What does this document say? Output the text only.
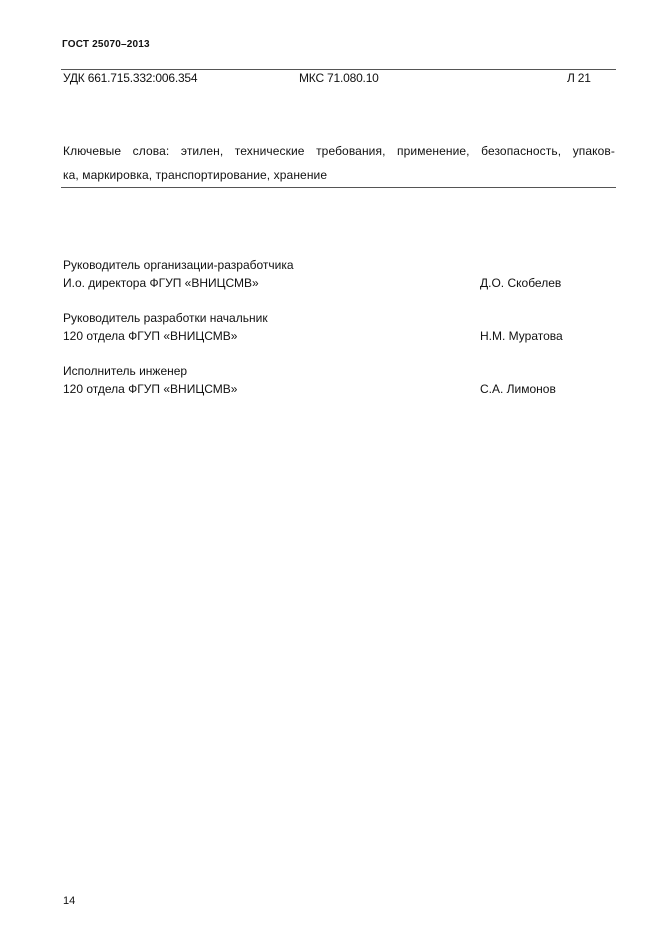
ГОСТ 25070–2013
УДК 661.715.332:006.354	МКС 71.080.10	Л 21
Ключевые слова: этилен, технические требования, применение, безопасность, упаков-
ка, маркировка, транспортирование, хранение
Руководитель организации-разработчика
И.о. директора ФГУП «ВНИЦСМВ»	Д.О. Скобелев
Руководитель разработки начальник
120 отдела ФГУП «ВНИЦСМВ»	Н.М. Муратова
Исполнитель инженер
120 отдела ФГУП «ВНИЦСМВ»	С.А. Лимонов
14
